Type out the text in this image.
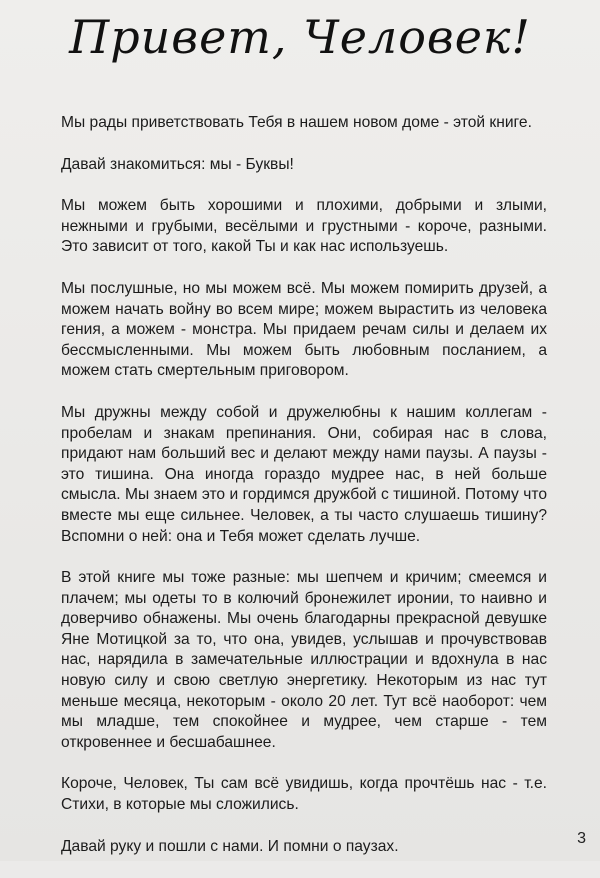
Привет, Человек!

Мы рады приветствовать Тебя в нашем новом доме - этой книге.

Давай знакомиться: мы - Буквы!

Мы можем быть хорошими и плохими, добрыми и злыми, нежными и грубыми, весёлыми и грустными - короче, разными. Это зависит от того, какой Ты и как нас используешь.

Мы послушные, но мы можем всё. Мы можем помирить друзей, а можем начать войну во всем мире; можем вырастить из человека гения, а можем - монстра. Мы придаем речам силы и делаем их бессмысленными. Мы можем быть любовным посланием, а можем стать смертельным приговором.

Мы дружны между собой и дружелюбны к нашим коллегам - пробелам и знакам препинания. Они, собирая нас в слова, придают нам больший вес и делают между нами паузы. А паузы - это тишина. Она иногда гораздо мудрее нас, в ней больше смысла. Мы знаем это и гордимся дружбой с тишиной. Потому что вместе мы еще сильнее. Человек, а ты часто слушаешь тишину? Вспомни о ней: она и Тебя может сделать лучше.

В этой книге мы тоже разные: мы шепчем и кричим; смеемся и плачем; мы одеты то в колючий бронежилет иронии, то наивно и доверчиво обнажены. Мы очень благодарны прекрасной девушке Яне Мотицкой за то, что она, увидев, услышав и прочувствовав нас, нарядила в замечательные иллюстрации и вдохнула в нас новую силу и свою светлую энергетику. Некоторым из нас тут меньше месяца, некоторым - около 20 лет. Тут всё наоборот: чем мы младше, тем спокойнее и мудрее, чем старше - тем откровеннее и бесшабашнее.

Короче, Человек, Ты сам всё увидишь, когда прочтёшь нас - т.е. Стихи, в которые мы сложились.

Давай руку и пошли с нами. И помни о паузах.	3
